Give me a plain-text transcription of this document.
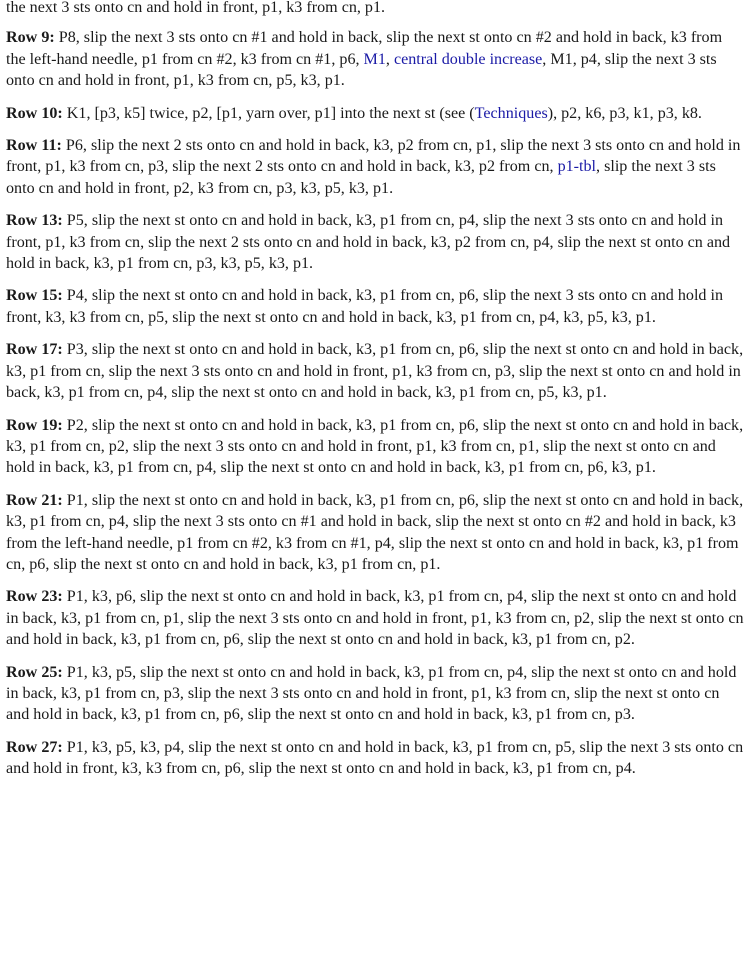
the next 3 sts onto cn and hold in front, p1, k3 from cn, p1.

Row 9: P8, slip the next 3 sts onto cn #1 and hold in back, slip the next st onto cn #2 and hold in back, k3 from the left-hand needle, p1 from cn #2, k3 from cn #1, p6, M1, central double increase, M1, p4, slip the next 3 sts onto cn and hold in front, p1, k3 from cn, p5, k3, p1.

Row 10: K1, [p3, k5] twice, p2, [p1, yarn over, p1] into the next st (see (Techniques), p2, k6, p3, k1, p3, k8.

Row 11: P6, slip the next 2 sts onto cn and hold in back, k3, p2 from cn, p1, slip the next 3 sts onto cn and hold in front, p1, k3 from cn, p3, slip the next 2 sts onto cn and hold in back, k3, p2 from cn, p1-tbl, slip the next 3 sts onto cn and hold in front, p2, k3 from cn, p3, k3, p5, k3, p1.

Row 13: P5, slip the next st onto cn and hold in back, k3, p1 from cn, p4, slip the next 3 sts onto cn and hold in front, p1, k3 from cn, slip the next 2 sts onto cn and hold in back, k3, p2 from cn, p4, slip the next st onto cn and hold in back, k3, p1 from cn, p3, k3, p5, k3, p1.

Row 15: P4, slip the next st onto cn and hold in back, k3, p1 from cn, p6, slip the next 3 sts onto cn and hold in front, k3, k3 from cn, p5, slip the next st onto cn and hold in back, k3, p1 from cn, p4, k3, p5, k3, p1.

Row 17: P3, slip the next st onto cn and hold in back, k3, p1 from cn, p6, slip the next st onto cn and hold in back, k3, p1 from cn, slip the next 3 sts onto cn and hold in front, p1, k3 from cn, p3, slip the next st onto cn and hold in back, k3, p1 from cn, p4, slip the next st onto cn and hold in back, k3, p1 from cn, p5, k3, p1.

Row 19: P2, slip the next st onto cn and hold in back, k3, p1 from cn, p6, slip the next st onto cn and hold in back, k3, p1 from cn, p2, slip the next 3 sts onto cn and hold in front, p1, k3 from cn, p1, slip the next st onto cn and hold in back, k3, p1 from cn, p4, slip the next st onto cn and hold in back, k3, p1 from cn, p6, k3, p1.

Row 21: P1, slip the next st onto cn and hold in back, k3, p1 from cn, p6, slip the next st onto cn and hold in back, k3, p1 from cn, p4, slip the next 3 sts onto cn #1 and hold in back, slip the next st onto cn #2 and hold in back, k3 from the left-hand needle, p1 from cn #2, k3 from cn #1, p4, slip the next st onto cn and hold in back, k3, p1 from cn, p6, slip the next st onto cn and hold in back, k3, p1 from cn, p1.

Row 23: P1, k3, p6, slip the next st onto cn and hold in back, k3, p1 from cn, p4, slip the next st onto cn and hold in back, k3, p1 from cn, p1, slip the next 3 sts onto cn and hold in front, p1, k3 from cn, p2, slip the next st onto cn and hold in back, k3, p1 from cn, p6, slip the next st onto cn and hold in back, k3, p1 from cn, p2.

Row 25: P1, k3, p5, slip the next st onto cn and hold in back, k3, p1 from cn, p4, slip the next st onto cn and hold in back, k3, p1 from cn, p3, slip the next 3 sts onto cn and hold in front, p1, k3 from cn, slip the next st onto cn and hold in back, k3, p1 from cn, p6, slip the next st onto cn and hold in back, k3, p1 from cn, p3.

Row 27: P1, k3, p5, k3, p4, slip the next st onto cn and hold in back, k3, p1 from cn, p5, slip the next 3 sts onto cn and hold in front, k3, k3 from cn, p6, slip the next st onto cn and hold in back, k3, p1 from cn, p4.
